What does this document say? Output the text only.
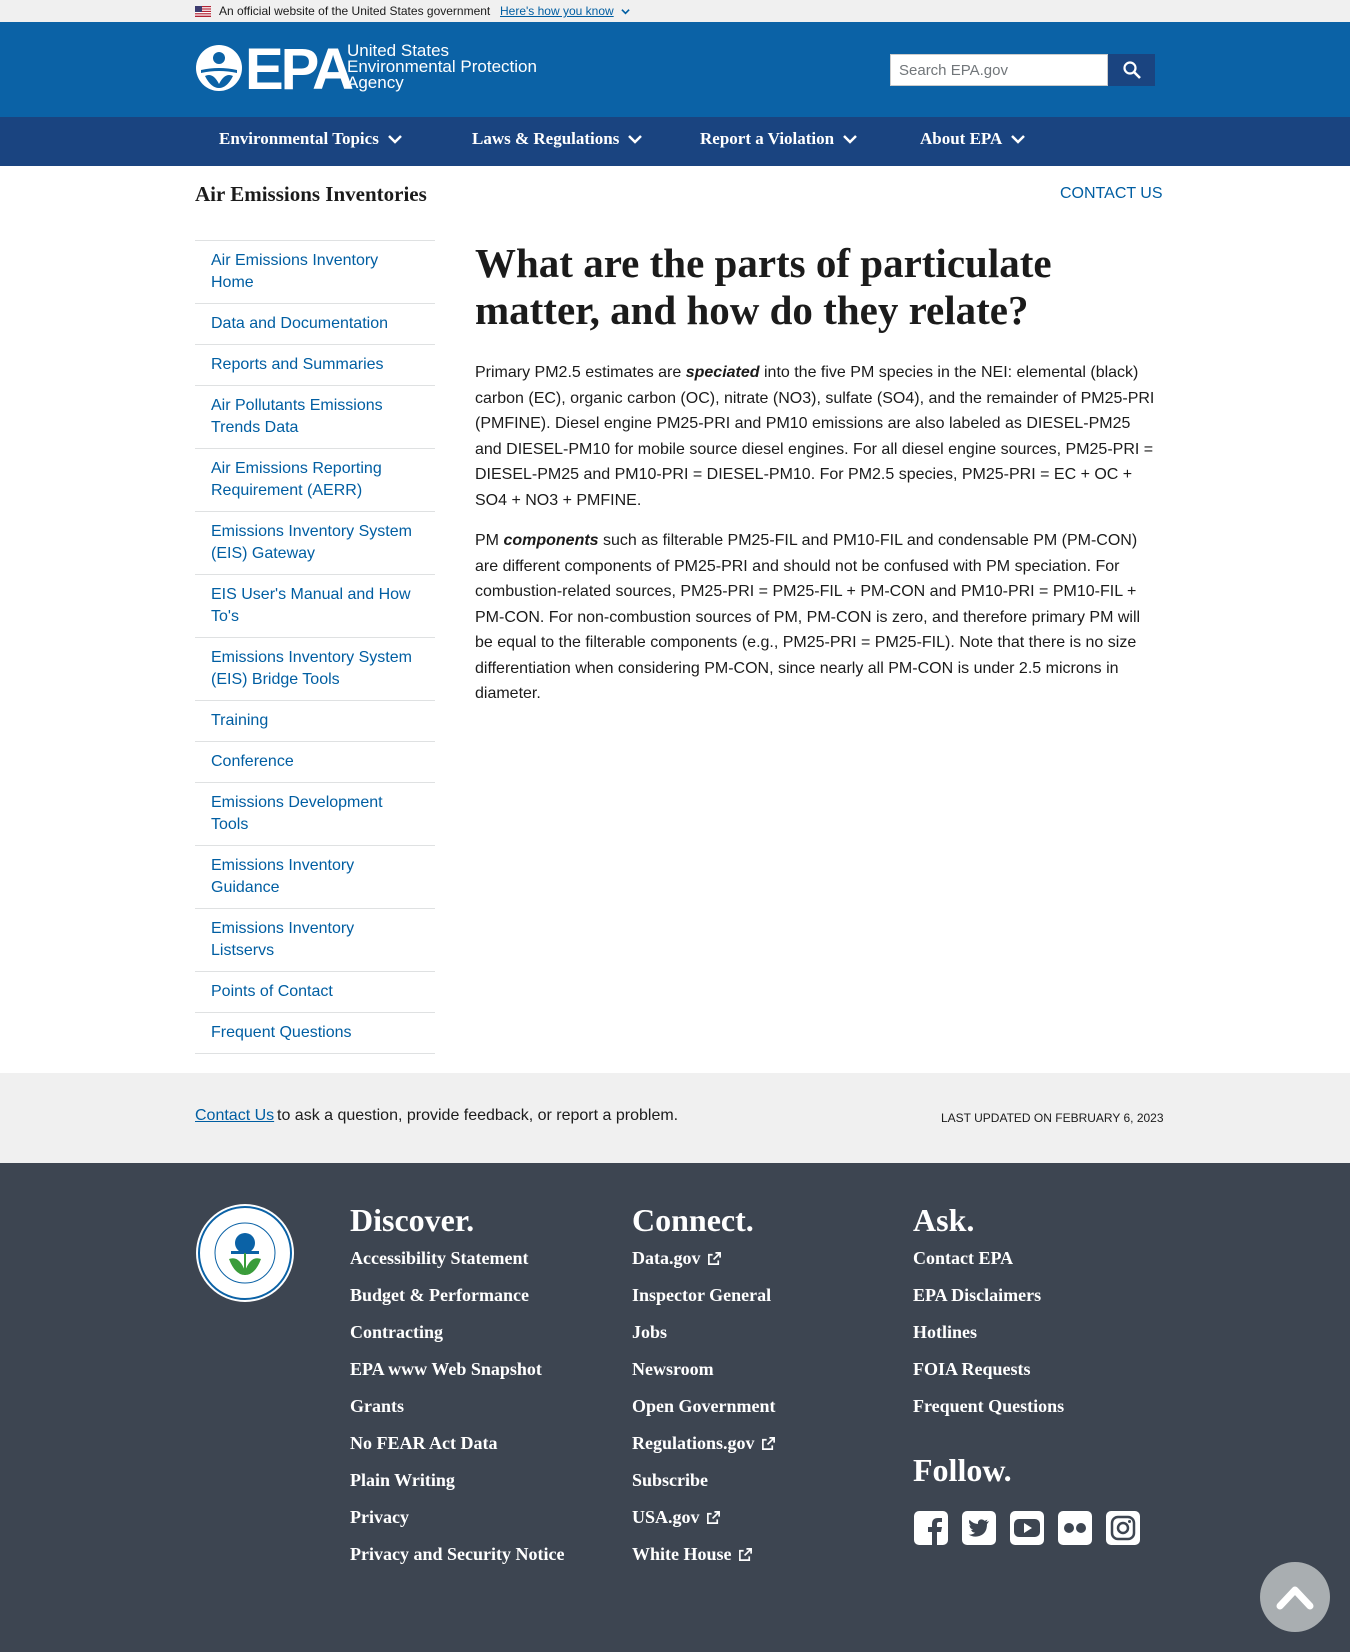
An official website of the United States government Here's how you know
EPA
United States
Environmental Protection
Agency
Search EPA.gov
Environmental Topics	Laws & Regulations	Report a Violation	About EPA
Air Emissions Inventories	CONTACT US
Air Emissions Inventory Home
Data and Documentation
Reports and Summaries
Air Pollutants Emissions Trends Data
Air Emissions Reporting Requirement (AERR)
Emissions Inventory System (EIS) Gateway
EIS User's Manual and How To's
Emissions Inventory System (EIS) Bridge Tools
Training
Conference
Emissions Development Tools
Emissions Inventory Guidance
Emissions Inventory Listservs
Points of Contact
Frequent Questions
What are the parts of particulate matter, and how do they relate?

Primary PM2.5 estimates are speciated into the five PM species in the NEI: elemental (black) carbon (EC), organic carbon (OC), nitrate (NO3), sulfate (SO4), and the remainder of PM25-PRI (PMFINE). Diesel engine PM25-PRI and PM10 emissions are also labeled as DIESEL-PM25 and DIESEL-PM10 for mobile source diesel engines. For all diesel engine sources, PM25-PRI = DIESEL-PM25 and PM10-PRI = DIESEL-PM10. For PM2.5 species, PM25-PRI = EC + OC + SO4 + NO3 + PMFINE.

PM components such as filterable PM25-FIL and PM10-FIL and condensable PM (PM-CON) are different components of PM25-PRI and should not be confused with PM speciation. For combustion-related sources, PM25-PRI = PM25-FIL + PM-CON and PM10-PRI = PM10-FIL + PM-CON. For non-combustion sources of PM, PM-CON is zero, and therefore primary PM will be equal to the filterable components (e.g., PM25-PRI = PM25-FIL). Note that there is no size differentiation when considering PM-CON, since nearly all PM-CON is under 2.5 microns in diameter.

Contact Us to ask a question, provide feedback, or report a problem.	LAST UPDATED ON FEBRUARY 6, 2023
Discover.
Accessibility Statement
Budget & Performance
Contracting
EPA www Web Snapshot
Grants
No FEAR Act Data
Plain Writing
Privacy
Privacy and Security Notice
Connect.
Data.gov
Inspector General
Jobs
Newsroom
Open Government
Regulations.gov
Subscribe
USA.gov
White House
Ask.
Contact EPA
EPA Disclaimers
Hotlines
FOIA Requests
Frequent Questions
Follow.
